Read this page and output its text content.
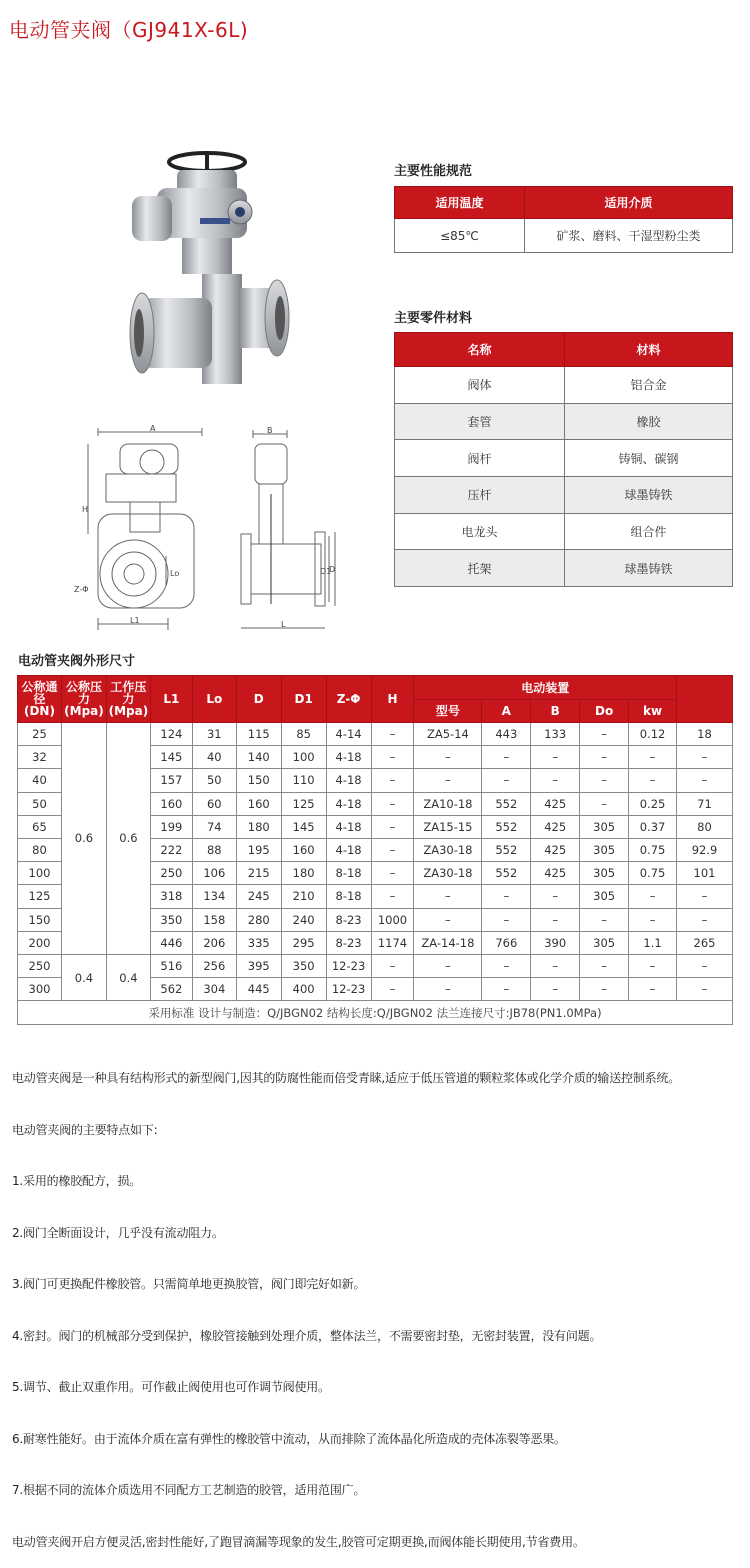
电动管夹阀（GJ941X-6L)
A
H
L1
Lo
Z-Φ
B
L
D1
D
主要性能规范
适用温度	适用介质
≤85℃	矿浆、磨料、干湿型粉尘类
主要零件材料
名称	材料
阀体	铝合金
套管	橡胶
阀杆	铸铜、碳钢
压杆	球墨铸铁
电龙头	组合件
托架	球墨铸铁
电动管夹阀外形尺寸
公称通径(DN)	公称压力(Mpa)	工作压力(Mpa)	L1	Lo	D	D1	Z-Φ	H	电动装置					
									型号	A	B	Do	kw	
25	0.6	0.6	124	31	115	85	4-14	–	ZA5-14	443	133	–	0.12	18
32			145	40	140	100	4-18	–	–	–	–	–	–	–
40			157	50	150	110	4-18	–	–	–	–	–	–	–
50			160	60	160	125	4-18	–	ZA10-18	552	425	–	0.25	71
65			199	74	180	145	4-18	–	ZA15-15	552	425	305	0.37	80
80			222	88	195	160	4-18	–	ZA30-18	552	425	305	0.75	92.9
100			250	106	215	180	8-18	–	ZA30-18	552	425	305	0.75	101
125			318	134	245	210	8-18	–	–	–	–	305	–	–
150			350	158	280	240	8-23	1000	–	–	–	–	–	–
200			446	206	335	295	8-23	1174	ZA-14-18	766	390	305	1.1	265
250	0.4	0.4	516	256	395	350	12-23	–	–	–	–	–	–	–
300			562	304	445	400	12-23	–	–	–	–	–	–	–
采用标准 设计与制造：Q/JBGN02 结构长度:Q/JBGN02 法兰连接尺寸:JB78(PN1.0MPa)														
电动管夹阀是一种具有结构形式的新型阀门,因其的防腐性能而倍受青睐,适应于低压管道的颗粒浆体或化学介质的输送控制系统。
电动管夹阀的主要特点如下:
1.采用的橡胶配方，损。
2.阀门全断面设计，几乎没有流动阻力。
3.阀门可更换配件橡胶管。只需简单地更换胶管，阀门即完好如新。
4.密封。阀门的机械部分受到保护，橡胶管接触到处理介质，整体法兰，不需要密封垫，无密封装置，没有问题。
5.调节、截止双重作用。可作截止阀使用也可作调节阀使用。
6.耐寒性能好。由于流体介质在富有弹性的橡胶管中流动，从而排除了流体晶化所造成的壳体冻裂等恶果。
7.根据不同的流体介质选用不同配方工艺制造的胶管，适用范围广。
电动管夹阀开启方便灵活,密封性能好,了跑冒滴漏等现象的发生,胶管可定期更换,而阀体能长期使用,节省费用。
